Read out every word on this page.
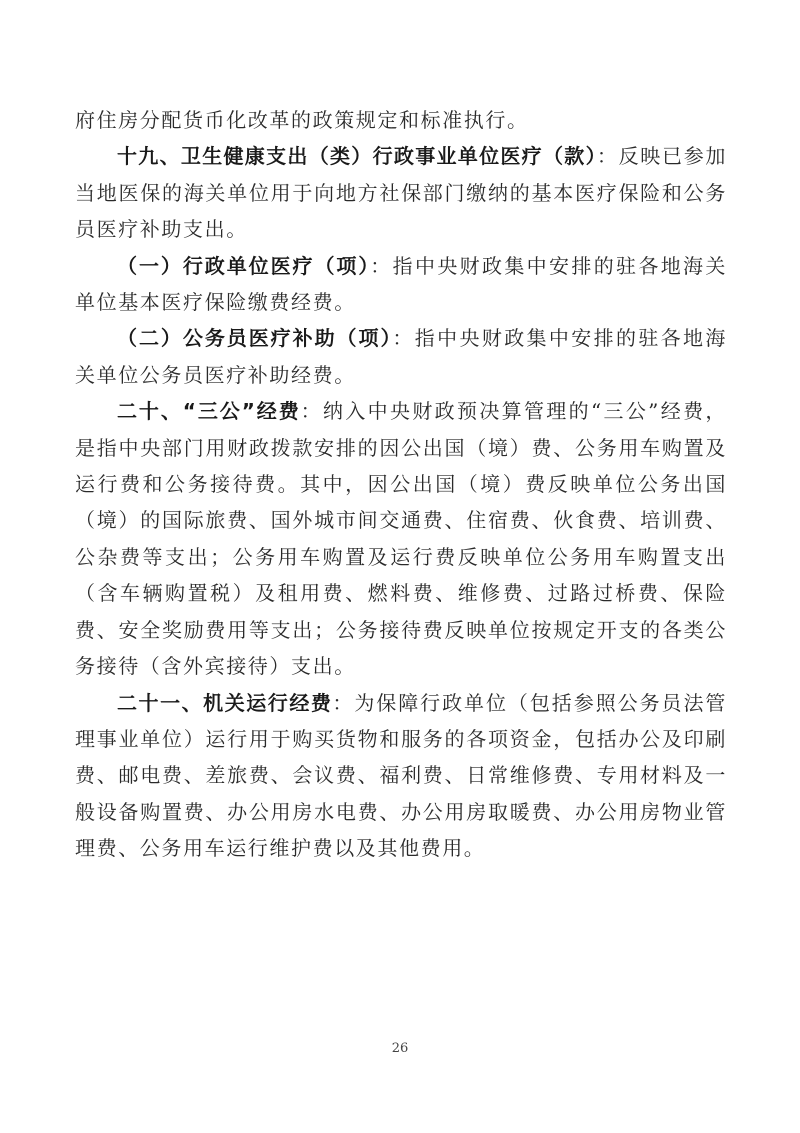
府住房分配货币化改革的政策规定和标准执行。

十九、卫生健康支出（类）行政事业单位医疗（款）：反映已参加当地医保的海关单位用于向地方社保部门缴纳的基本医疗保险和公务员医疗补助支出。

（一）行政单位医疗（项）：指中央财政集中安排的驻各地海关单位基本医疗保险缴费经费。

（二）公务员医疗补助（项）：指中央财政集中安排的驻各地海关单位公务员医疗补助经费。

二十、“三公”经费：纳入中央财政预决算管理的“三公”经费，是指中央部门用财政拨款安排的因公出国（境）费、公务用车购置及运行费和公务接待费。其中，因公出国（境）费反映单位公务出国（境）的国际旅费、国外城市间交通费、住宿费、伙食费、培训费、公杂费等支出；公务用车购置及运行费反映单位公务用车购置支出（含车辆购置税）及租用费、燃料费、维修费、过路过桥费、保险费、安全奖励费用等支出；公务接待费反映单位按规定开支的各类公务接待（含外宾接待）支出。

二十一、机关运行经费：为保障行政单位（包括参照公务员法管理事业单位）运行用于购买货物和服务的各项资金，包括办公及印刷费、邮电费、差旅费、会议费、福利费、日常维修费、专用材料及一般设备购置费、办公用房水电费、办公用房取暖费、办公用房物业管理费、公务用车运行维护费以及其他费用。

26
